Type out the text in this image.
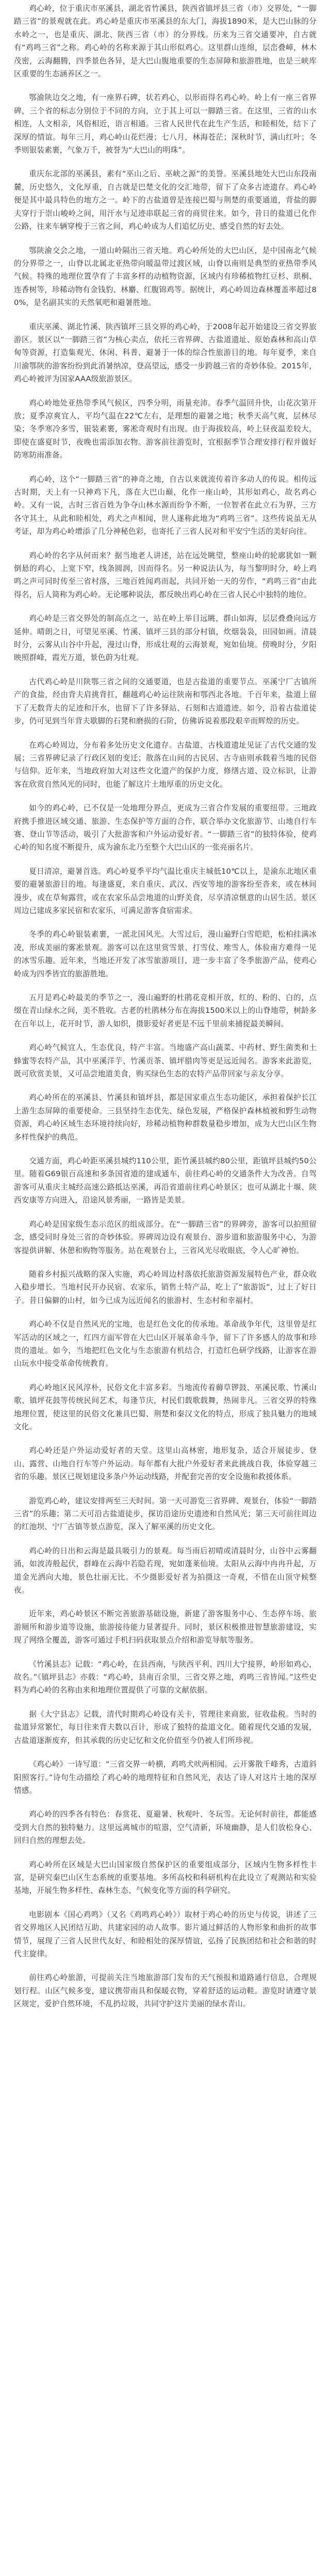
鸡心岭，位于重庆市巫溪县，湖北省竹溪县，陕西省镇坪县三省（市）交界处，“一脚踏三省”的景观就在此。鸡心岭是重庆市巫溪县的东大门，海拔1890米，是大巴山脉的分水岭之一，也是重庆、湖北、陕西三省（市）的分界线。历来为三省交通要冲，自古就有“鸡鸣三省”之称。鸡心岭的名称来源于其山形似鸡心。这里群山连绵，层峦叠嶂，林木茂密，云海翻腾，四季景色各异，是大巴山腹地重要的生态屏障和旅游胜地，也是三峡库区重要的生态涵养区之一。

鄂渝陕边交之地，有一座界石碑，状若鸡心，以形而得名鸡心岭。岭上有一座三省界碑，三个省的标志分别位于不同的方向，立于其上可以一脚踏三省。在这里，三省的山水相连，人文相亲，风俗相近，语言相通。三省人民世代在此生产生活，和睦相处，结下了深厚的情谊。每年三月，鸡心岭山花烂漫；七八月，林海苍茫；深秋时节，满山红叶；冬季则银装素裹，气象万千，被誉为“大巴山的明珠”。

重庆东北部的巫溪县，素有“巫山之后、巫峡之源”的美誉。巫溪县地处大巴山东段南麓，历史悠久，文化厚重，自古就是巴楚文化的交汇地带，留下了众多古迹遗存。鸡心岭便是其中最具特色的地方之一。岭下的古盐道曾是连接巴蜀与荆楚的重要通道，背盐的脚夫穿行于崇山峻岭之间，用汗水与足迹串联起三省的商贸往来。如今，昔日的盐道已化作公路，往来车辆穿梭于三省之间，鸡心岭成为人们追忆历史、感受自然的好去处。

鄂陕渝交会之地，一道山岭隔出三省天地。鸡心岭所处的大巴山区，是中国南北气候的分界带之一，山脊以北属北亚热带向暖温带过渡区域，山脊以南则是典型的亚热带季风气候。特殊的地理位置孕育了丰富多样的动植物资源，区域内有珍稀植物红豆杉、珙桐、连香树等，珍稀动物有金钱豹、林麝、红腹锦鸡等。据统计，鸡心岭周边森林覆盖率超过80%，是名副其实的天然氧吧和避暑胜地。

重庆巫溪、湖北竹溪、陕西镇坪三县交界的鸡心岭，于2008年起开始建设三省交界旅游区。景区以“一脚踏三省”为核心卖点，依托三省界碑、古盐道遗址、原始森林和高山草甸等资源，打造集观光、休闲、科普、避暑于一体的综合性旅游目的地。每年夏季，来自川渝鄂陕的游客纷纷到此消暑纳凉，登高望远，感受一步跨越三省的奇妙体验。2015年，鸡心岭被评为国家AAA级旅游景区。

鸡心岭地处亚热带季风气候区，四季分明，雨量充沛。春季气温回升快，山花次第开放；夏季凉爽宜人，平均气温在22℃左右，是理想的避暑之地；秋季天高气爽，层林尽染；冬季寒冷多雪，银装素裹，雾凇奇观时有出现。由于海拔较高，岭上昼夜温差较大，即使在盛夏时节，夜晚也需添加衣物。游客前往游览时，宜根据季节合理安排行程并做好防寒防雨准备。

鸡心岭，这个“一脚踏三省”的神奇之地，自古以来就流传着许多动人的传说。相传远古时期，天上有一只神鸡下凡，落在大巴山巅，化作一座山岭，其形如鸡心，故名鸡心岭。又有一说，古时三省百姓为争夺山林水源而纷争不断，一位智者在此立石为界，三方各守其土，从此和睦相处，鸡犬之声相闻，世人遂称此地为“鸡鸣三省”。这些传说虽无从考证，却为鸡心岭增添了几分神秘色彩，也寄托了三省人民对和平安宁生活的美好向往。

鸡心岭的名字从何而来？据当地老人讲述，站在远处眺望，整座山岭的轮廓犹如一颗倒悬的鸡心，上宽下窄，线条圆润，因而得名。另一种说法认为，每当黎明时分，岭上鸡鸣之声可同时传至三省村落，三地百姓闻鸡而起，共同开始一天的劳作，“鸡鸣三省”由此得名，后人简称为鸡心岭。无论哪种说法，都反映出鸡心岭在三省人民心中独特的地位。

鸡心岭是三省交界处的制高点之一，站在岭上举目远眺，群山如海，层层叠叠向远方延伸。晴朗之日，可望见巫溪、竹溪、镇坪三县的部分村镇，炊烟袅袅，田园如画。清晨时分，云雾从山谷中升起，漫过山脊，形成壮观的云海景观，宛如仙境。傍晚时分，夕阳映照群峰，霞光万道，景色蔚为壮观。

古代鸡心岭是川陕鄂三省之间的交通要道，也是古盐道的重要节点。巫溪宁厂古镇所产的食盐，经由背夫肩挑背扛，翻越鸡心岭运往陕南和鄂西北各地。千百年来，盐道上留下了无数背夫的足迹和汗水，也留下了许多驿站、石刻和古道遗迹。如今，沿着古盐道徒步，仍可见到当年背夫歇脚的石凳和磨损的石阶，仿佛诉说着那段艰辛而辉煌的历史。

在鸡心岭周边，分布着多处历史文化遗存。古盐道、古栈道遗址见证了古代交通的发展；三省界碑记录了行政区划的变迁；散落在山间的古民居、古寺庙则承载着当地的民俗与信仰。近年来，当地政府加大对这些文化遗产的保护力度，修缮古道、设立标识，让游客在欣赏自然风光的同时，也能了解这片土地厚重的历史文化。

如今的鸡心岭，已不仅是一处地理分界点，更成为三省合作发展的重要纽带。三地政府携手推进区域交通、旅游、生态保护等方面的合作，联合举办文化旅游节、山地自行车赛、登山节等活动，吸引了大批游客和户外运动爱好者。“一脚踏三省”的独特体验，使鸡心岭的知名度不断提升，成为渝东北乃至整个大巴山区的一张亮丽名片。

夏日清凉，避暑首选。鸡心岭夏季平均气温比重庆主城低10℃以上，是渝东北地区重要的避暑旅游目的地。每逢盛夏，来自重庆、武汉、西安等地的游客纷至沓来，或在林间漫步，或在草甸露营，或在农家乐品尝地道的山野美食，尽享清凉惬意的山居生活。景区周边已建成多家民宿和农家乐，可满足游客食宿需求。

冬季的鸡心岭银装素裹，一派北国风光。大雪过后，漫山遍野白雪皑皑，松柏挂满冰凌，形成美丽的雾凇景观。游客可以在这里赏雪景、打雪仗、堆雪人，体验南方难得一见的冰雪乐趣。近年来，当地还开发了冰雪旅游项目，进一步丰富了冬季旅游产品，使鸡心岭成为四季皆宜的旅游胜地。

五月是鸡心岭最美的季节之一，漫山遍野的杜鹃花竞相开放，红的、粉的、白的，点缀在青山绿水之间，美不胜收。古老的杜鹃林分布在海拔1500米以上的山脊地带，树龄多在百年以上，花开时节，游人如织，摄影爱好者更是不远千里前来捕捉最美瞬间。

鸡心岭气候宜人，生态优良，特产丰富。当地盛产高山蔬菜、中药材、野生菌类和土蜂蜜等农特产品，其中巫溪洋芋、竹溪贡茶、镇坪腊肉等更是远近闻名。游客来此游览，既可欣赏美景，又可品尝地道美食，购买绿色生态的农特产品带回家与亲友分享。

鸡心岭所在的巫溪县、竹溪县和镇坪县，都是国家重点生态功能区，承担着保护长江上游生态屏障的重要使命。三县坚持生态优先、绿色发展，严格保护森林植被和野生动物资源，鸡心岭区域生态环境持续向好，珍稀动植物种群数量稳步增加，成为大巴山区生物多样性保护的典范。

交通方面，鸡心岭距巫溪县城约110公里，距竹溪县城约80公里，距镇坪县城约50公里。随着G69银百高速和多条国省道的建成通车，前往鸡心岭的交通条件大为改善。自驾游客可从重庆主城经高速公路抵达巫溪，再沿省道前往鸡心岭景区；也可从湖北十堰、陕西安康等方向进入，沿途风景秀丽，一路皆是美景。

鸡心岭是国家级生态示范区的组成部分。在“一脚踏三省”的界碑旁，游客可以拍照留念，感受同时身处三省的奇妙体验。界碑周边设有观景台、游步道和旅游服务中心，为游客提供讲解、休憩和购物等服务。站在观景台上，三省风光尽收眼底，令人心旷神怡。

随着乡村振兴战略的深入实施，鸡心岭周边村落依托旅游资源发展特色产业，群众收入稳步增长。当地村民开办民宿、农家乐，销售土特产品，吃上了“旅游饭”，过上了好日子。昔日偏僻的山村，如今已成为远近闻名的旅游村、生态村和幸福村。

鸡心岭不仅是自然风光的宝地，也是红色文化的传承地。革命战争年代，这里曾是红军活动的区域之一，红四方面军曾在大巴山区开展革命斗争，留下了许多感人的故事和珍贵的遗址。如今，当地把红色文化与生态旅游有机结合，打造红色研学线路，让游客在游山玩水中接受革命传统教育。

鸡心岭地区民风淳朴，民俗文化丰富多彩。当地流传着薅草锣鼓、巫溪民歌、竹溪山歌、镇坪花鼓等传统民间艺术，每逢节庆，村民们载歌载舞，热闹非凡。三省交界的特殊地理位置，使这里的民俗文化兼具巴蜀、荆楚和秦汉文化的特点，形成了独具魅力的地域文化。

鸡心岭还是户外运动爱好者的天堂。这里山高林密，地形复杂，适合开展徒步、登山、露营、山地自行车等户外运动。每年都有大批户外爱好者来此挑战自我，体验穿越三省的乐趣。景区已规划建设多条户外运动线路，并配套完善的安全设施和救援体系。

游览鸡心岭，建议安排两至三天时间。第一天可游览三省界碑、观景台，体验“一脚踏三省”的乐趣；第二天可沿古盐道徒步，探访沿途历史遗迹和自然风光；第三天可前往周边的红池坝、宁厂古镇等景点游览，深入了解巫溪的历史文化。

鸡心岭的日出和云海是最具吸引力的景观。每当雨后初晴或清晨时分，山谷中云雾翻涌，如波涛般起伏，群峰在云海中若隐若现，宛如蓬莱仙境。太阳从云海中冉冉升起，万道金光洒向大地，景色壮丽无比。不少摄影爱好者为拍摄这一奇观，不惜在山顶守候整夜。

近年来，鸡心岭景区不断完善旅游基础设施，新建了游客服务中心、生态停车场、旅游厕所和游步道等设施，旅游接待能力显著提升。同时，景区积极推进智慧旅游建设，实现了网络全覆盖，游客可通过手机扫码获取景点介绍和游览导航等服务。

《竹溪县志》记载：“鸡心岭，在县西南，与陕西平利、四川大宁接界，岭形如鸡心，故名。”《镇坪县志》亦载：“鸡心岭，县南百余里，三省交界之地，鸡鸣三省皆闻。”这些史料为鸡心岭的名称由来和地理位置提供了可靠的文献依据。

据《大宁县志》记载，清代时期鸡心岭设有关卡，管理往来商旅，征收盐税。当时的盐道异常繁忙，每日往来背夫数以百计，形成了独特的盐道文化。随着现代交通的发展，古盐道逐渐废弃，但其承载的历史记忆和文化价值至今仍被人们所珍视。

《鸡心岭》一诗写道：“三省交界一岭横，鸡鸣犬吠两相闻。云开雾散千峰秀，古道斜阳照客行。”诗句生动描绘了鸡心岭的地理特征和自然风光，表达了诗人对这片土地的深厚情感。

鸡心岭的四季各有特色：春赏花、夏避暑、秋观叶、冬玩雪。无论何时前往，都能感受到大自然的独特魅力。这里远离城市的喧嚣，空气清新，环境幽静，是人们放松身心、回归自然的理想去处。

鸡心岭所在区域是大巴山国家级自然保护区的重要组成部分，区域内生物多样性丰富，是研究秦巴山区生态系统的重要基地。多所高校和科研机构在此设立了观测站和实验基地，开展生物多样性、森林生态、气候变化等方面的科学研究。

电影剧本《国心鸡鸣》（又名《鸡鸣鸡心岭》）取材于鸡心岭的历史与传说，讲述了三省交界地区人民团结互助、共建家园的动人故事。影片通过鲜活的人物形象和曲折的故事情节，展现了三省人民世代友好、和睦相处的深厚情谊，弘扬了民族团结和社会和谐的时代主旋律。

前往鸡心岭旅游，可提前关注当地旅游部门发布的天气预报和道路通行信息，合理规划行程。山区气候多变，建议携带雨具和保暖衣物，穿着舒适的运动鞋。游览时请遵守景区规定，爱护自然环境，不乱扔垃圾，共同守护这片美丽的绿水青山。
